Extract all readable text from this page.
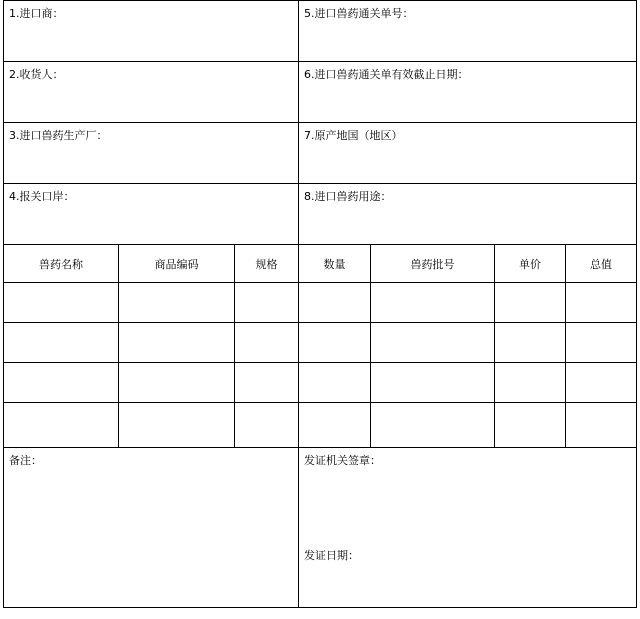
1.进口商：			5.进口兽药通关单号：			
2.收货人：			6.进口兽药通关单有效截止日期：			
3.进口兽药生产厂：			7.原产地国（地区）			
4.报关口岸：			8.进口兽药用途：			
兽药名称	商品编码	规格	数量	兽药批号	单价	总值

备注：			发证机关签章：
发证日期：			
